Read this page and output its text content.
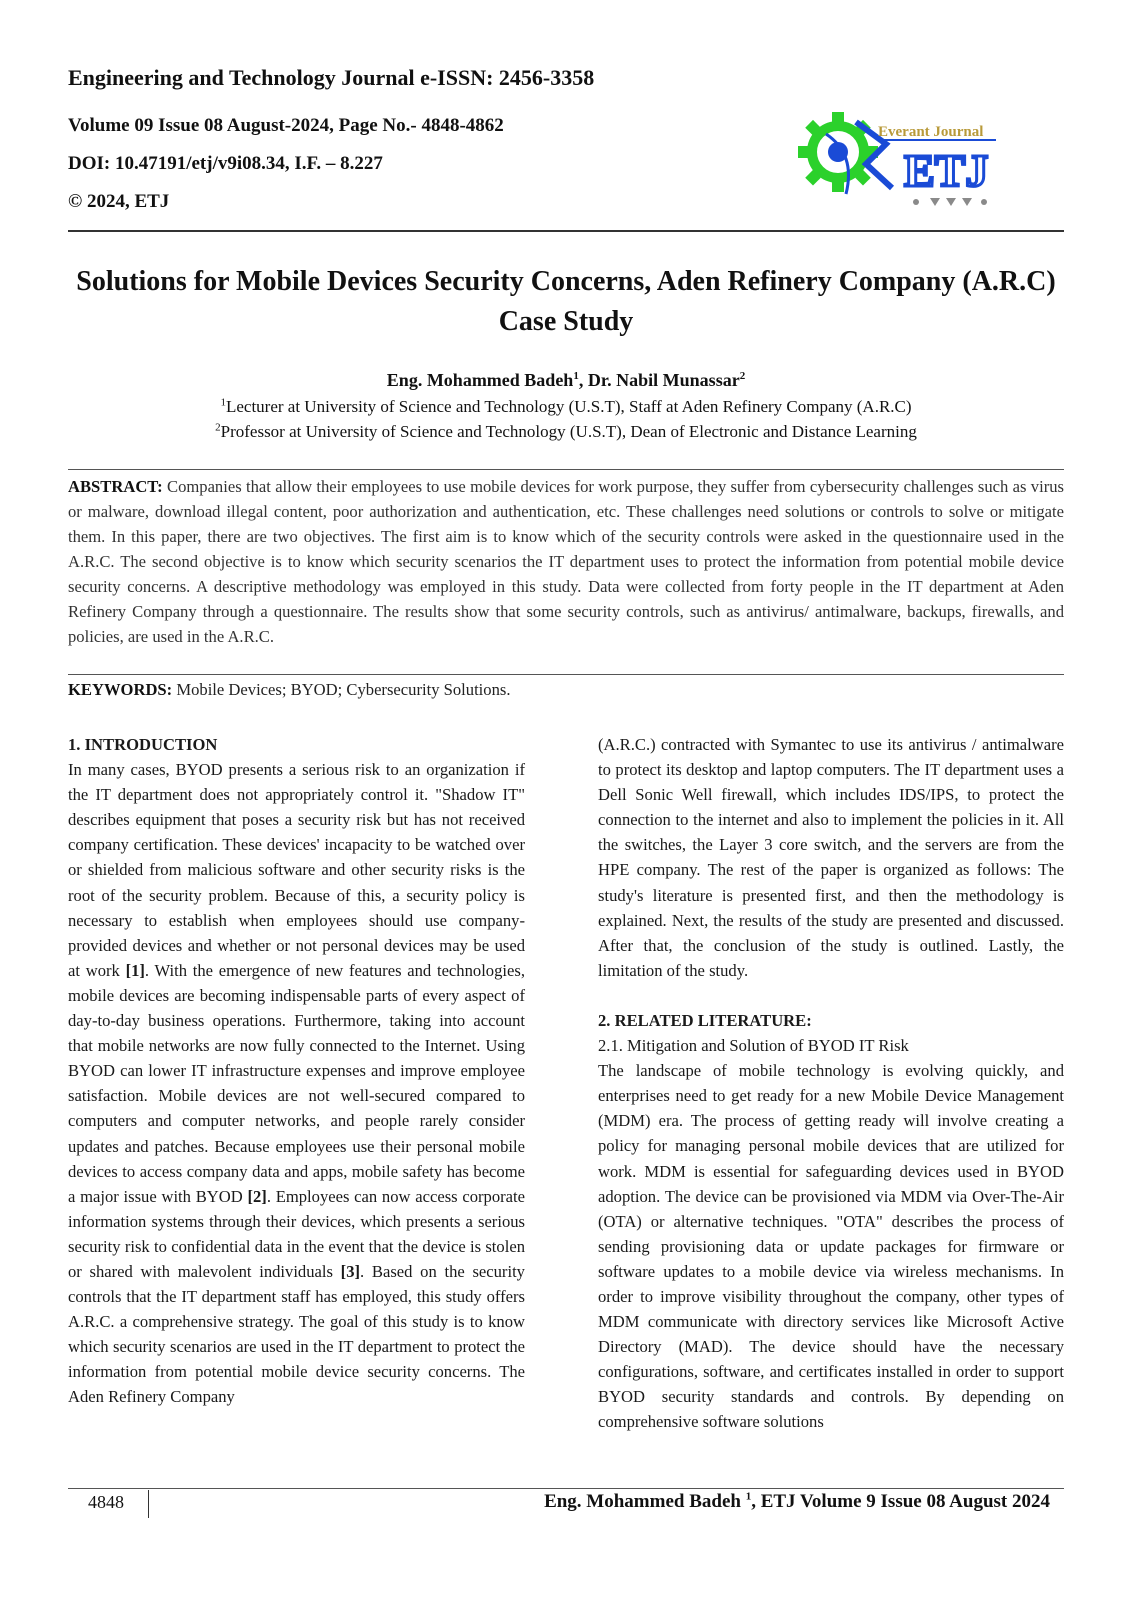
Engineering and Technology Journal e-ISSN: 2456-3358
Volume 09 Issue 08 August-2024, Page No.- 4848-4862
DOI: 10.47191/etj/v9i08.34, I.F. – 8.227
© 2024, ETJ
Everant Journal
ETJ
Solutions for Mobile Devices Security Concerns, Aden Refinery Company (A.R.C) Case Study
Eng. Mohammed Badeh$^1$, Dr. Nabil Munassar$^2$
$^1$Lecturer at University of Science and Technology (U.S.T), Staff at Aden Refinery Company (A.R.C)
$^2$Professor at University of Science and Technology (U.S.T), Dean of Electronic and Distance Learning
ABSTRACT: Companies that allow their employees to use mobile devices for work purpose, they suffer from cybersecurity challenges such as virus or malware, download illegal content, poor authorization and authentication, etc. These challenges need solutions or controls to solve or mitigate them. In this paper, there are two objectives. The first aim is to know which of the security controls were asked in the questionnaire used in the A.R.C. The second objective is to know which security scenarios the IT department uses to protect the information from potential mobile device security concerns. A descriptive methodology was employed in this study. Data were collected from forty people in the IT department at Aden Refinery Company through a questionnaire. The results show that some security controls, such as antivirus/ antimalware, backups, firewalls, and policies, are used in the A.R.C.
KEYWORDS: Mobile Devices; BYOD; Cybersecurity Solutions.
1. INTRODUCTION
In many cases, BYOD presents a serious risk to an organization if the IT department does not appropriately control it. "Shadow IT" describes equipment that poses a security risk but has not received company certification. These devices' incapacity to be watched over or shielded from malicious software and other security risks is the root of the security problem. Because of this, a security policy is necessary to establish when employees should use company-provided devices and whether or not personal devices may be used at work [1]. With the emergence of new features and technologies, mobile devices are becoming indispensable parts of every aspect of day-to-day business operations. Furthermore, taking into account that mobile networks are now fully connected to the Internet. Using BYOD can lower IT infrastructure expenses and improve employee satisfaction. Mobile devices are not well-secured compared to computers and computer networks, and people rarely consider updates and patches. Because employees use their personal mobile devices to access company data and apps, mobile safety has become a major issue with BYOD [2]. Employees can now access corporate information systems through their devices, which presents a serious security risk to confidential data in the event that the device is stolen or shared with malevolent individuals [3]. Based on the security controls that the IT department staff has employed, this study offers A.R.C. a comprehensive strategy. The goal of this study is to know which security scenarios are used in the IT department to protect the information from potential mobile device security concerns. The Aden Refinery Company
(A.R.C.) contracted with Symantec to use its antivirus / antimalware to protect its desktop and laptop computers. The IT department uses a Dell Sonic Well firewall, which includes IDS/IPS, to protect the connection to the internet and also to implement the policies in it. All the switches, the Layer 3 core switch, and the servers are from the HPE company. The rest of the paper is organized as follows: The study's literature is presented first, and then the methodology is explained. Next, the results of the study are presented and discussed. After that, the conclusion of the study is outlined. Lastly, the limitation of the study.
2. RELATED LITERATURE:
2.1. Mitigation and Solution of BYOD IT Risk
The landscape of mobile technology is evolving quickly, and enterprises need to get ready for a new Mobile Device Management (MDM) era. The process of getting ready will involve creating a policy for managing personal mobile devices that are utilized for work. MDM is essential for safeguarding devices used in BYOD adoption. The device can be provisioned via MDM via Over-The-Air (OTA) or alternative techniques. "OTA" describes the process of sending provisioning data or update packages for firmware or software updates to a mobile device via wireless mechanisms. In order to improve visibility throughout the company, other types of MDM communicate with directory services like Microsoft Active Directory (MAD). The device should have the necessary configurations, software, and certificates installed in order to support BYOD security standards and controls. By depending on comprehensive software solutions
4848	Eng. Mohammed Badeh $^1$, ETJ Volume 9 Issue 08 August 2024
